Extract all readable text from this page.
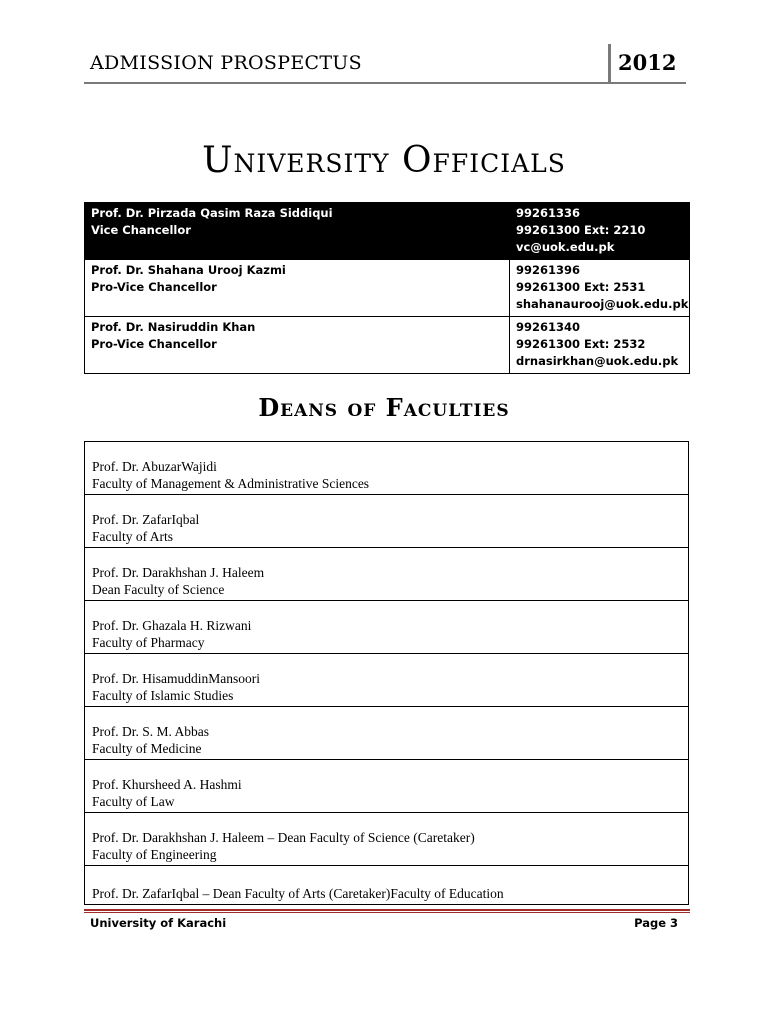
ADMISSION PROSPECTUS	2012
University Officials
Prof. Dr. Pirzada Qasim Raza Siddiqui
Vice Chancellor	99261336
99261300 Ext: 2210
vc@uok.edu.pk

Prof. Dr. Shahana Urooj Kazmi
Pro-Vice Chancellor	99261396
99261300 Ext: 2531
shahanaurooj@uok.edu.pk

Prof. Dr. Nasiruddin Khan
Pro-Vice Chancellor	99261340
99261300 Ext: 2532
drnasirkhan@uok.edu.pk
Deans of Faculties
Prof. Dr. AbuzarWajidi
Faculty of Management & Administrative Sciences

Prof. Dr. ZafarIqbal
Faculty of Arts

Prof. Dr. Darakhshan J. Haleem
Dean Faculty of Science

Prof. Dr. Ghazala H. Rizwani
Faculty of Pharmacy

Prof. Dr. HisamuddinMansoori
Faculty of Islamic Studies

Prof. Dr. S. M. Abbas
Faculty of Medicine

Prof. Khursheed A. Hashmi
Faculty of Law

Prof. Dr. Darakhshan J. Haleem – Dean Faculty of Science (Caretaker)
Faculty of Engineering

Prof. Dr. ZafarIqbal – Dean Faculty of Arts (Caretaker)Faculty of Education
University of Karachi	Page 3
